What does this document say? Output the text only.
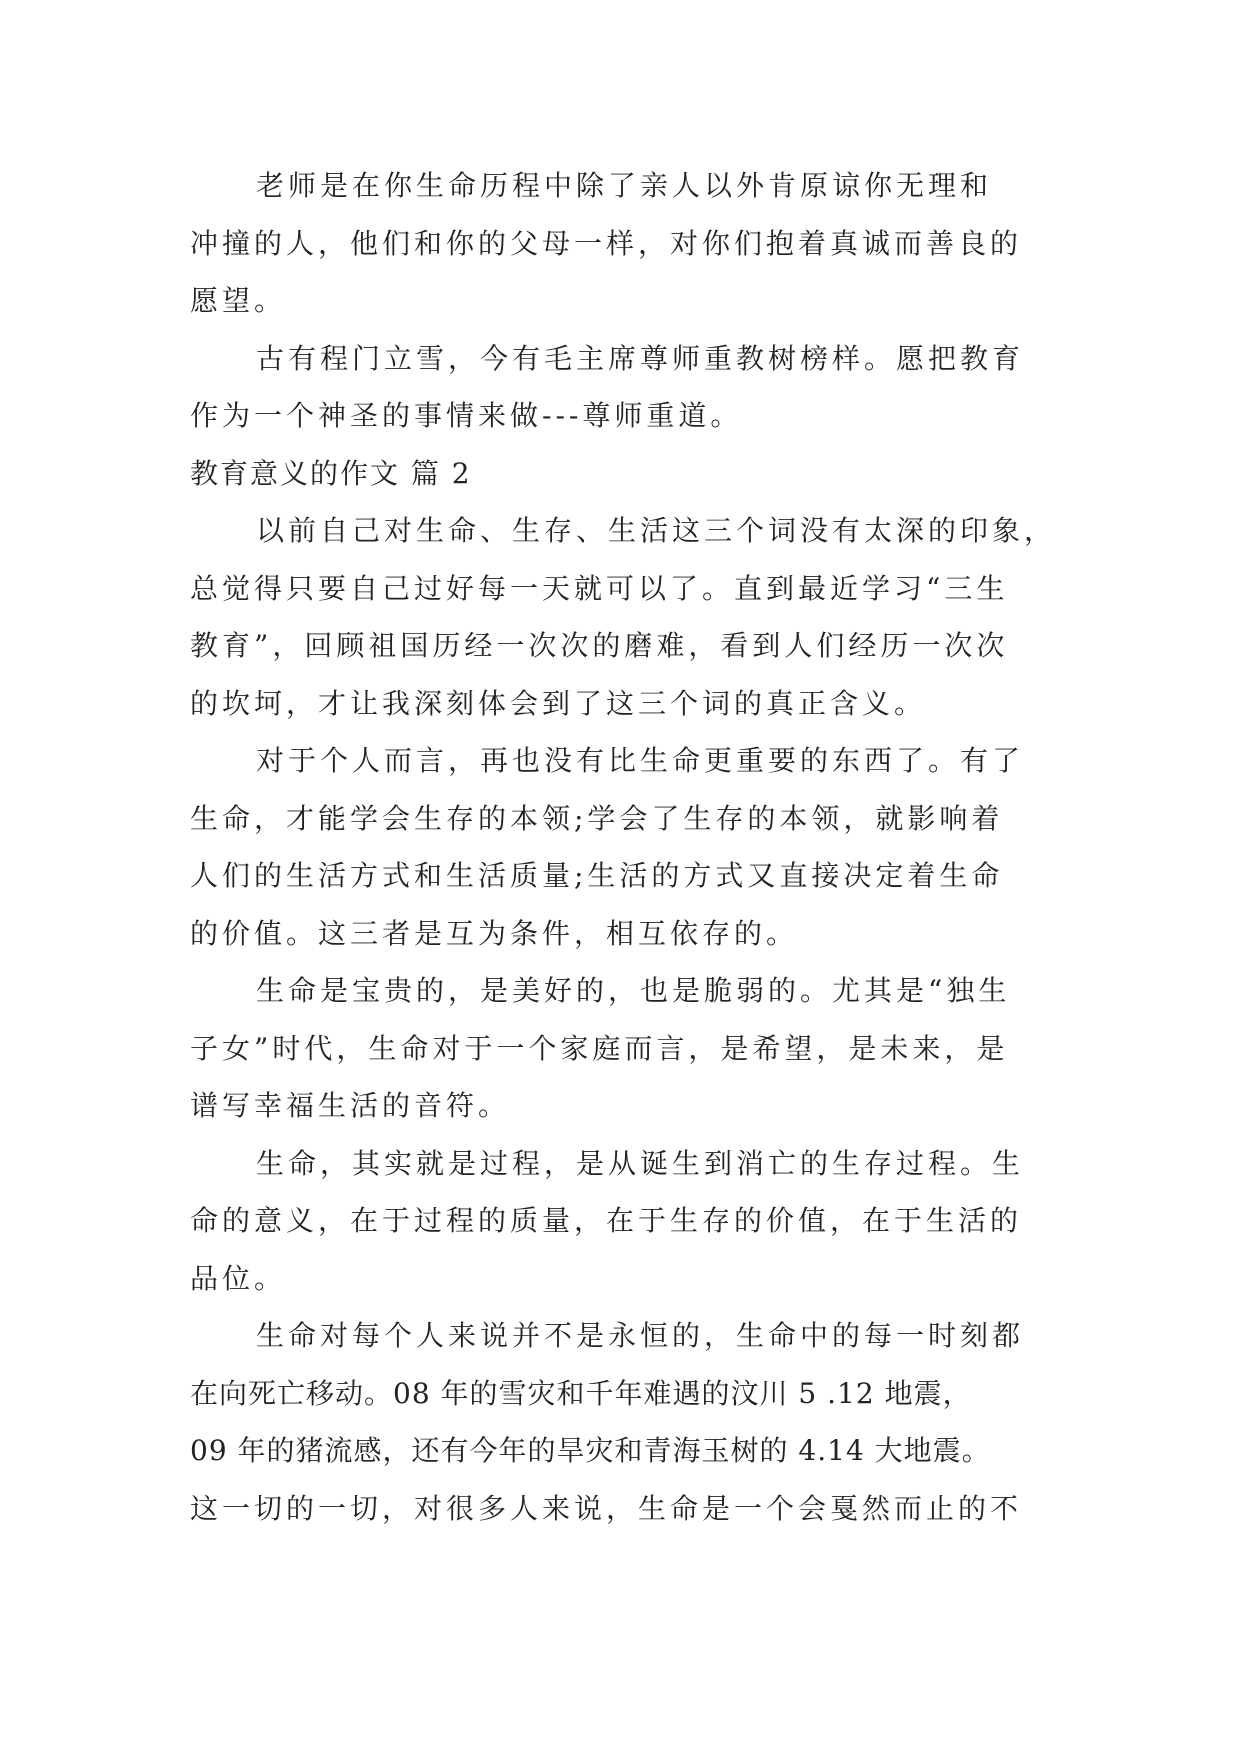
老师是在你生命历程中除了亲人以外肯原谅你无理和
冲撞的人，他们和你的父母一样，对你们抱着真诚而善良的
愿望。
古有程门立雪，今有毛主席尊师重教树榜样。愿把教育
作为一个神圣的事情来做---尊师重道。
教育意义的作文 篇 2
以前自己对生命、生存、生活这三个词没有太深的印象，
总觉得只要自己过好每一天就可以了。直到最近学习“三生
教育”，回顾祖国历经一次次的磨难，看到人们经历一次次
的坎坷，才让我深刻体会到了这三个词的真正含义。
对于个人而言，再也没有比生命更重要的东西了。有了
生命，才能学会生存的本领;学会了生存的本领，就影响着
人们的生活方式和生活质量;生活的方式又直接决定着生命
的价值。这三者是互为条件，相互依存的。
生命是宝贵的，是美好的，也是脆弱的。尤其是“独生
子女”时代，生命对于一个家庭而言，是希望，是未来，是
谱写幸福生活的音符。
生命，其实就是过程，是从诞生到消亡的生存过程。生
命的意义，在于过程的质量，在于生存的价值，在于生活的
品位。
生命对每个人来说并不是永恒的，生命中的每一时刻都
在向死亡移动。08 年的雪灾和千年难遇的汶川 5 .12 地震，
09 年的猪流感，还有今年的旱灾和青海玉树的 4.14 大地震。
这一切的一切，对很多人来说，生命是一个会戛然而止的不
